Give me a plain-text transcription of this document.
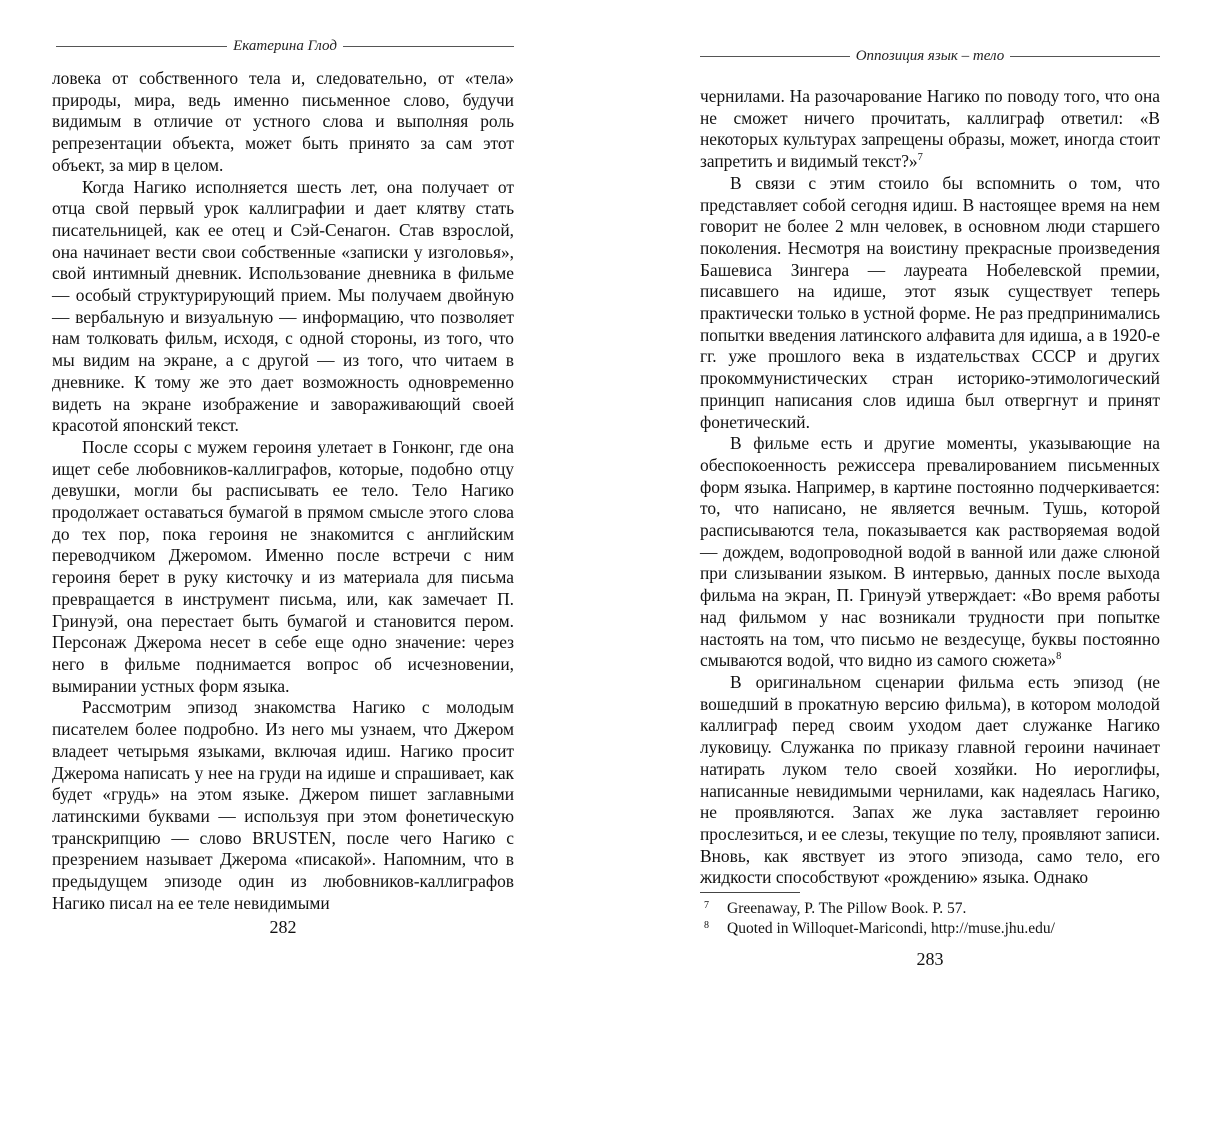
Екатерина Глод

ловека от собственного тела и, следовательно, от «тела» природы, мира, ведь именно письменное слово, будучи видимым в отличие от устного слова и выполняя роль репрезентации объекта, может быть принято за сам этот объект, за мир в целом.

Когда Нагико исполняется шесть лет, она получает от отца свой первый урок каллиграфии и дает клятву стать писательницей, как ее отец и Сэй-Сенагон. Став взрослой, она начинает вести свои собственные «записки у изголовья», свой интимный дневник. Использование дневника в фильме — особый структурирующий прием. Мы получаем двойную — вербальную и визуальную — информацию, что позволяет нам толковать фильм, исходя, с одной стороны, из того, что мы видим на экране, а с другой — из того, что читаем в дневнике. К тому же это дает возможность одновременно видеть на экране изображение и завораживающий своей красотой японский текст.

После ссоры с мужем героиня улетает в Гонконг, где она ищет себе любовников-каллиграфов, которые, подобно отцу девушки, могли бы расписывать ее тело. Тело Нагико продолжает оставаться бумагой в прямом смысле этого слова до тех пор, пока героиня не знакомится с английским переводчиком Джеромом. Именно после встречи с ним героиня берет в руку кисточку и из материала для письма превращается в инструмент письма, или, как замечает П. Гринуэй, она перестает быть бумагой и становится пером. Персонаж Джерома несет в себе еще одно значение: через него в фильме поднимается вопрос об исчезновении, вымирании устных форм языка.

Рассмотрим эпизод знакомства Нагико с молодым писателем более подробно. Из него мы узнаем, что Джером владеет четырьмя языками, включая идиш. Нагико просит Джерома написать у нее на груди на идише и спрашивает, как будет «грудь» на этом языке. Джером пишет заглавными латинскими буквами — используя при этом фонетическую транскрипцию — слово BRUSTEN, после чего Нагико с презрением называет Джерома «писакой». Напомним, что в предыдущем эпизоде один из любовников-каллиграфов Нагико писал на ее теле невидимыми

282
Оппозиция язык – тело

чернилами. На разочарование Нагико по поводу того, что она не сможет ничего прочитать, каллиграф ответил: «В некоторых культурах запрещены образы, может, иногда стоит запретить и видимый текст?»$^7$

В связи с этим стоило бы вспомнить о том, что представляет собой сегодня идиш. В настоящее время на нем говорит не более 2 млн человек, в основном люди старшего поколения. Несмотря на воистину прекрасные произведения Башевиса Зингера — лауреата Нобелевской премии, писавшего на идише, этот язык существует теперь практически только в устной форме. Не раз предпринимались попытки введения латинского алфавита для идиша, а в 1920-е гг. уже прошлого века в издательствах СССР и других прокоммунистических стран историко-этимологический принцип написания слов идиша был отвергнут и принят фонетический.

В фильме есть и другие моменты, указывающие на обеспокоенность режиссера превалированием письменных форм языка. Например, в картине постоянно подчеркивается: то, что написано, не является вечным. Тушь, которой расписываются тела, показывается как растворяемая водой — дождем, водопроводной водой в ванной или даже слюной при слизывании языком. В интервью, данных после выхода фильма на экран, П. Гринуэй утверждает: «Во время работы над фильмом у нас возникали трудности при попытке настоять на том, что письмо не вездесуще, буквы постоянно смываются водой, что видно из самого сюжета»$^8$

В оригинальном сценарии фильма есть эпизод (не вошедший в прокатную версию фильма), в котором молодой каллиграф перед своим уходом дает служанке Нагико луковицу. Служанка по приказу главной героини начинает натирать луком тело своей хозяйки. Но иероглифы, написанные невидимыми чернилами, как надеялась Нагико, не проявляются. Запах же лука заставляет героиню прослезиться, и ее слезы, текущие по телу, проявляют записи. Вновь, как явствует из этого эпизода, само тело, его жидкости способствуют «рождению» языка. Однако

7 Greenaway, P. The Pillow Book. P. 57.
8 Quoted in Willoquet-Maricondi, http://muse.jhu.edu/
283
